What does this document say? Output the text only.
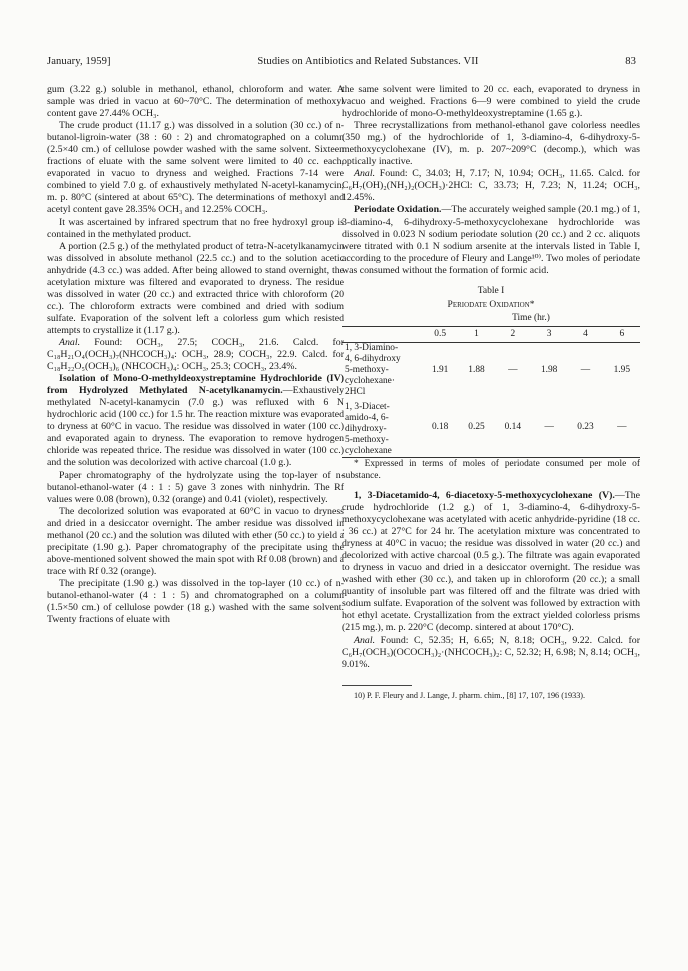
January, 1959]	Studies on Antibiotics and Related Substances. VII	83

gum (3.22 g.) soluble in methanol, ethanol, chloroform and water. A sample was dried in vacuo at 60~70°C. The determination of methoxyl content gave 27.44% OCH₃.

The crude product (11.17 g.) was dissolved in a solution (30 cc.) of n-butanol-ligroin-water (38 : 60 : 2) and chromatographed on a column (2.5×40 cm.) of cellulose powder washed with the same solvent. Sixteen fractions of eluate with the same solvent were limited to 40 cc. each, evaporated in vacuo to dryness and weighed. Fractions 7-14 were combined to yield 7.0 g. of exhaustively methylated N-acetyl-kanamycin, m. p. 80°C (sintered at about 65°C). The determinations of methoxyl and acetyl content gave 28.35% OCH₃ and 12.25% COCH₃.

It was ascertained by infrared spectrum that no free hydroxyl group is contained in the methylated product.

A portion (2.5 g.) of the methylated product of tetra-N-acetylkanamycin was dissolved in absolute methanol (22.5 cc.) and to the solution acetic anhydride (4.3 cc.) was added. After being allowed to stand overnight, the acetylation mixture was filtered and evaporated to dryness. The residue was dissolved in water (20 cc.) and extracted thrice with chloroform (20 cc.). The chloroform extracts were combined and dried with sodium sulfate. Evaporation of the solvent left a colorless gum which resisted attempts to crystallize it (1.17 g.).

Anal. Found: OCH₃, 27.5; COCH₃, 21.6. Calcd. for C₁₈H₂₁O₄(OCH₃)₇(NHCOCH₃)₄: OCH₃, 28.9; COCH₃, 22.9. Calcd. for C₁₈H₂₂O₅(OCH₃)₆ (NHCOCH₃)₄: OCH₃, 25.3; COCH₃, 23.4%.

Isolation of Mono-O-methyldeoxystreptamine Hydrochloride (IV) from Hydrolyzed Methylated N-acetylkanamycin.—Exhaustively methylated N-acetyl-kanamycin (7.0 g.) was refluxed with 6 N hydrochloric acid (100 cc.) for 1.5 hr. The reaction mixture was evaporated to dryness at 60°C in vacuo. The residue was dissolved in water (100 cc.) and evaporated again to dryness. The evaporation to remove hydrogen chloride was repeated thrice. The residue was dissolved in water (100 cc.) and the solution was decolorized with active charcoal (1.0 g.).

Paper chromatography of the hydrolyzate using the top-layer of n-butanol-ethanol-water (4 : 1 : 5) gave 3 zones with ninhydrin. The Rf values were 0.08 (brown), 0.32 (orange) and 0.41 (violet), respectively.

The decolorized solution was evaporated at 60°C in vacuo to dryness and dried in a desiccator overnight. The amber residue was dissolved in methanol (20 cc.) and the solution was diluted with ether (50 cc.) to yield a precipitate (1.90 g.). Paper chromatography of the precipitate using the above-mentioned solvent showed the main spot with Rf 0.08 (brown) and a trace with Rf 0.32 (orange).

The precipitate (1.90 g.) was dissolved in the top-layer (10 cc.) of n-butanol-ethanol-water (4 : 1 : 5) and chromatographed on a column (1.5×50 cm.) of cellulose powder (18 g.) washed with the same solvent. Twenty fractions of eluate with

the same solvent were limited to 20 cc. each, evaporated to dryness in vacuo and weighed. Fractions 6—9 were combined to yield the crude hydrochloride of mono-O-methyldeoxystreptamine (1.65 g.).

Three recrystallizations from methanol-ethanol gave colorless needles (350 mg.) of the hydrochloride of 1, 3-diamino-4, 6-dihydroxy-5-methoxycyclohexane (IV), m. p. 207~209°C (decomp.), which was optically inactive.

Anal. Found: C, 34.03; H, 7.17; N, 10.94; OCH₃, 11.65. Calcd. for C₆H₇(OH)₂(NH₂)₂(OCH₃)·2HCl: C, 33.73; H, 7.23; N, 11.24; OCH₃, 12.45%.

Periodate Oxidation.—The accurately weighed sample (20.1 mg.) of 1, 3-diamino-4, 6-dihydroxy-5-methoxycyclohexane hydrochloride was dissolved in 0.023 N sodium periodate solution (20 cc.) and 2 cc. aliquots were titrated with 0.1 N sodium arsenite at the intervals listed in Table I, according to the procedure of Fleury and Lange¹⁰⁾. Two moles of periodate was consumed without the formation of formic acid.

Table I
Periodate Oxidation*
	Time (hr.)					

	0.5	1	2	3	4	6

1, 3-Diamino-
4, 6-dihydroxy
5-methoxy-
cyclohexane·
2HCl	1.91	1.88	—	1.98	—	1.95

1, 3-Diacet-
amido-4, 6-
dihydroxy-
5-methoxy-
cyclohexane	0.18	0.25	0.14	—	0.23	—

* Expressed in terms of moles of periodate consumed per mole of substance.

1, 3-Diacetamido-4, 6-diacetoxy-5-methoxycyclohexane (V).—The crude hydrochloride (1.2 g.) of 1, 3-diamino-4, 6-dihydroxy-5-methoxycyclohexane was acetylated with acetic anhydride-pyridine (18 cc. : 36 cc.) at 27°C for 24 hr. The acetylation mixture was concentrated to dryness at 40°C in vacuo; the residue was dissolved in water (20 cc.) and decolorized with active charcoal (0.5 g.). The filtrate was again evaporated to dryness in vacuo and dried in a desiccator overnight. The residue was washed with ether (30 cc.), and taken up in chloroform (20 cc.); a small quantity of insoluble part was filtered off and the filtrate was dried with sodium sulfate. Evaporation of the solvent was followed by extraction with hot ethyl acetate. Crystallization from the extract yielded colorless prisms (215 mg.), m. p. 220°C (decomp. sintered at about 170°C).

Anal. Found: C, 52.35; H, 6.65; N, 8.18; OCH₃, 9.22. Calcd. for C₆H₇(OCH₃)(OCOCH₃)₂·(NHCOCH₃)₂: C, 52.32; H, 6.98; N, 8.14; OCH₃, 9.01%.

10) P. F. Fleury and J. Lange, J. pharm. chim., [8] 17, 107, 196 (1933).
